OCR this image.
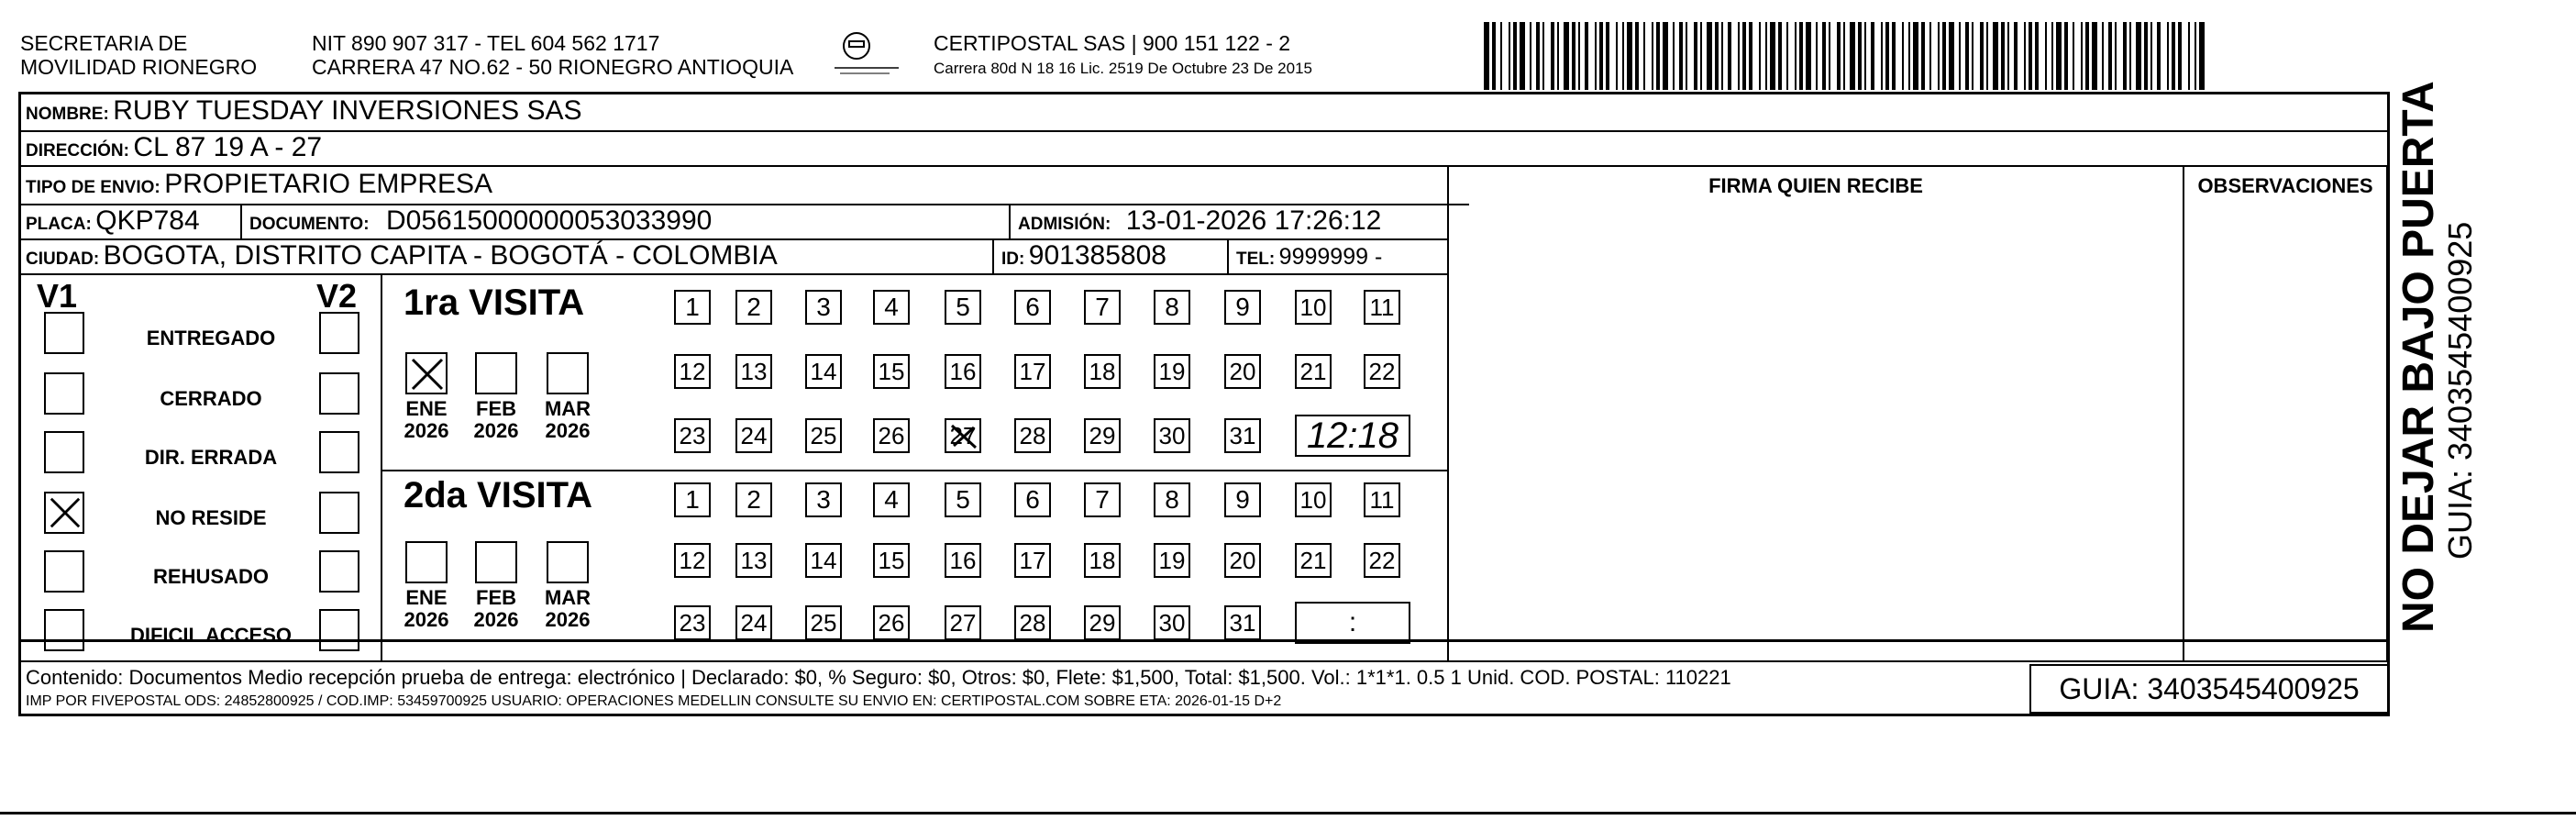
SECRETARIA DE
MOVILIDAD RIONEGRO
NIT 890 907 317 - TEL 604 562 1717
CARRERA 47 NO.62 - 50 RIONEGRO ANTIOQUIA
CERTIPOSTAL SAS | 900 151 122 - 2
Carrera 80d N 18 16 Lic. 2519 De Octubre 23 De 2015
NOMBRE: RUBY TUESDAY INVERSIONES SAS
DIRECCIÓN: CL 87 19 A - 27
TIPO DE ENVIO: PROPIETARIO EMPRESA
PLACA: QKP784	DOCUMENTO: D05615000000053033990	ADMISIÓN: 13-01-2026 17:26:12
CIUDAD: BOGOTA, DISTRITO CAPITA - BOGOTÁ - COLOMBIA	ID: 901385808	TEL: 9999999 -
FIRMA QUIEN RECIBE	OBSERVACIONES
V1	V2
ENTREGADO
CERRADO
DIR. ERRADA
NO RESIDE
REHUSADO
DIFICIL ACCESO
1ra VISITA
2da VISITA
ENE
2026
FEB
2026
MAR
2026
1	2	3	4	5	6	7	8	9	10 11
12 13 14 15 16 17 18 19 20 21 22
23 24 25 26 27 28 29 30 31	12:18
ENE
2026
FEB
2026
MAR
2026
1	2	3	4	5	6	7	8	9	10 11
12 13 14 15 16 17 18 19 20 21 22
23 24 25 26 27 28 29 30 31	:
Contenido: Documentos Medio recepción prueba de entrega: electrónico | Declarado: $0, % Seguro: $0, Otros: $0, Flete: $1,500, Total: $1,500. Vol.: 1*1*1. 0.5 1 Unid. COD. POSTAL: 110221
IMP POR FIVEPOSTAL ODS: 24852800925 / COD.IMP: 53459700925 USUARIO: OPERACIONES MEDELLIN CONSULTE SU ENVIO EN: CERTIPOSTAL.COM SOBRE ETA: 2026-01-15 D+2	GUIA: 3403545400925
NO DEJAR BAJO PUERTA
GUIA: 3403545400925
